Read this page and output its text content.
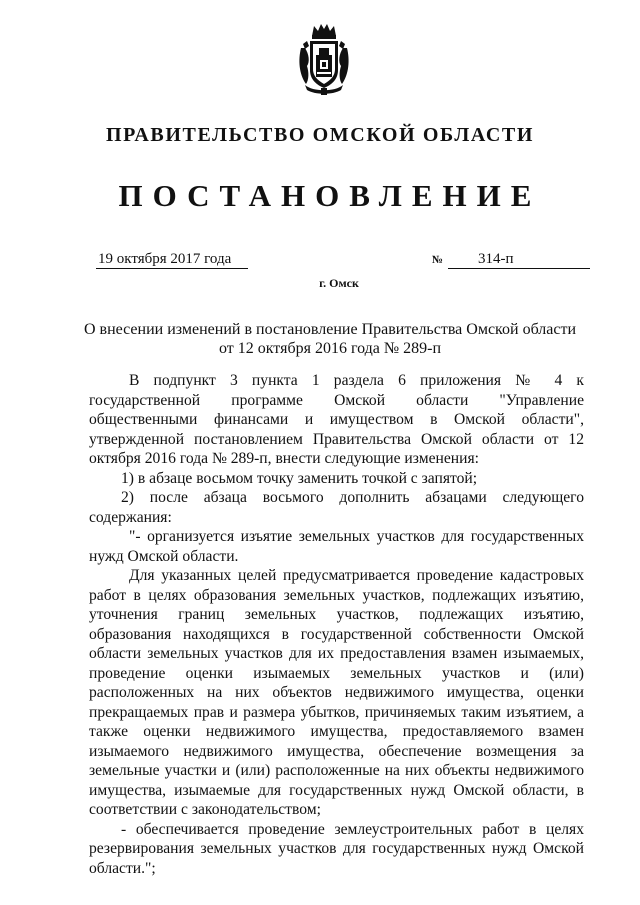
ПРАВИТЕЛЬСТВО ОМСКОЙ ОБЛАСТИ
ПОСТАНОВЛЕНИЕ
19 октября 2017 года	№	314-п
г. Омск
О внесении изменений в постановление Правительства Омской области
от 12 октября 2016 года № 289-п

В подпункт 3 пункта 1 раздела 6 приложения № 4 к государственной программе Омской области "Управление общественными финансами и имуществом в Омской области", утвержденной постановлением Правительства Омской области от 12 октября 2016 года № 289-п, внести следующие изменения:

1) в абзаце восьмом точку заменить точкой с запятой;

2) после абзаца восьмого дополнить абзацами следующего содержания:

"- организуется изъятие земельных участков для государственных нужд Омской области.

Для указанных целей предусматривается проведение кадастровых работ в целях образования земельных участков, подлежащих изъятию, уточнения границ земельных участков, подлежащих изъятию, образования находящихся в государственной собственности Омской области земельных участков для их предоставления взамен изымаемых, проведение оценки изымаемых земельных участков и (или) расположенных на них объектов недвижимого имущества, оценки прекращаемых прав и размера убытков, причиняемых таким изъятием, а также оценки недвижимого имущества, предоставляемого взамен изымаемого недвижимого имущества, обеспечение возмещения за земельные участки и (или) расположенные на них объекты недвижимого имущества, изымаемые для государственных нужд Омской области, в соответствии с законодательством;

- обеспечивается проведение землеустроительных работ в целях резервирования земельных участков для государственных нужд Омской области.";
